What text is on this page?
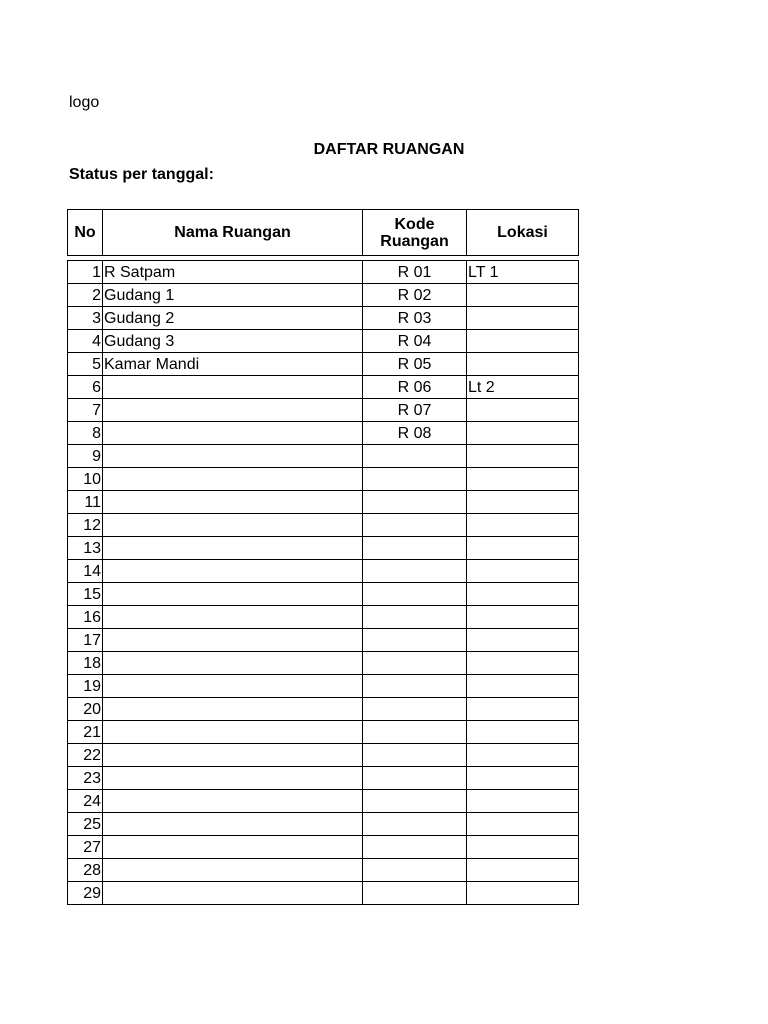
logo
DAFTAR RUANGAN
Status per tanggal:
No	Nama Ruangan	Kode
Ruangan	Lokasi
1	R Satpam	R 01	LT 1
2	Gudang 1	R 02	
3	Gudang 2	R 03	
4	Gudang 3	R 04	
5	Kamar Mandi	R 05	
6		R 06	Lt 2
7		R 07	
8		R 08	
9			
10			
11			
12			
13			
14			
15			
16			
17			
18			
19			
20			
21			
22			
23			
24			
25			
27			
28			
29			
